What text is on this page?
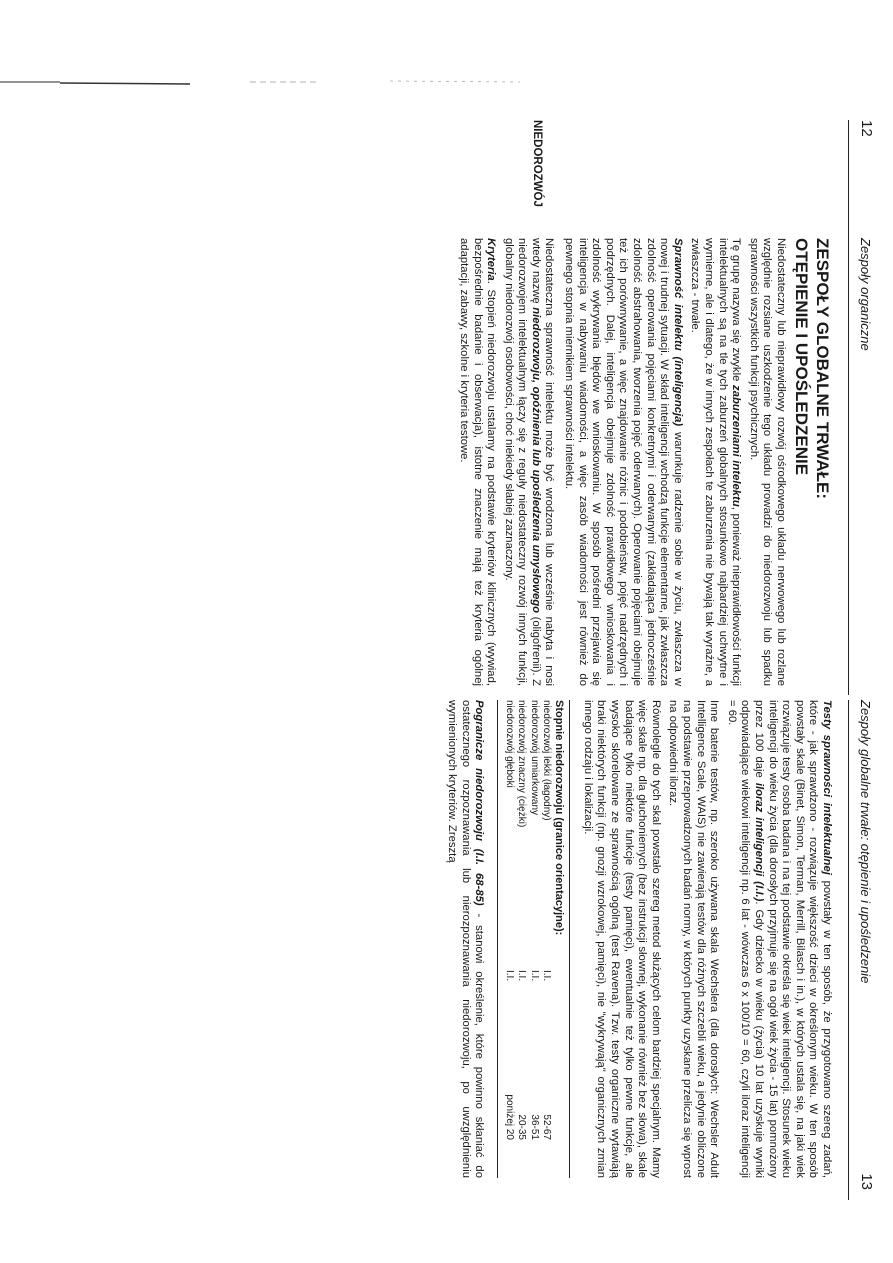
12
Zespoły organiczne
NIEDOROZWÓJ
ZESPOŁY GLOBALNE TRWAŁE:
OTĘPIENIE I UPOŚLEDZENIE

Niedostateczny lub nieprawidłowy rozwój ośrodkowego układu nerwowego lub rozlane względnie rozsiane uszkodzenie tego układu prowadzi do niedorozwoju lub spadku sprawności wszystkich funkcji psychicznych.

Tę grupę nazywa się zwykle zaburzeniami intelektu, ponieważ nieprawidłowości funkcji intelektualnych są na tle tych zaburzeń globalnych stosunkowo najbardziej uchwytne i wymierne, ale i dlatego, że w innych zespołach te zaburzenia nie bywają tak wyraźne, a zwłaszcza - trwałe.

Sprawność intelektu (inteligencja) warunkuje radzenie sobie w życiu, zwłaszcza w nowej i trudnej sytuacji. W skład inteligencji wchodzą funkcje elementarne, jak zwłaszcza zdolność operowania pojęciami konkretnymi i oderwanymi (zakładająca jednocześnie zdolność abstrahowania, tworzenia pojęć oderwanych). Operowanie pojęciami obejmuje też ich porównywanie, a więc znajdowanie różnic i podobieństw, pojęć nadrzędnych i podrzędnych. Dalej, inteligencja obejmuje zdolność prawidłowego wnioskowania i zdolność wykrywania błędów we wnioskowaniu. W sposób pośredni przejawia się inteligencja w nabywaniu wiadomości, a więc zasób wiadomości jest również do pewnego stopnia miernikiem sprawności intelektu.

Niedostateczna sprawność intelektu może być wrodzona lub wcześnie nabyta i nosi wtedy nazwę niedorozwoju, opóźnienia lub upośledzenia umysłowego (oligofrenii). Z niedorozwojem intelektualnym łączy się z reguły niedostateczny rozwój innych funkcji, globalny niedorozwój osobowości, choć niekiedy słabiej zaznaczony.

Kryteria. Stopień niedorozwoju ustalamy na podstawie kryteriów klinicznych (wywiad, bezpośrednie badanie i obserwacja), istotne znaczenie mają też kryteria ogólnej adaptacji, zabawy, szkolne i kryteria testowe.

Zespoły globalne trwałe: otępienie i upośledzenie
13

Testy sprawności intelektualnej powstały w ten sposób, że przygotowano szereg zadań, które - jak sprawdzono - rozwiązuje większość dzieci w określonym wieku. W ten sposób powstały skale (Binet, Simon, Terman, Merrill, Bilasch i in.), w których ustala się, na jaki wiek rozwiązuje testy osoba badana i na tej podstawie określa się wiek inteligencji. Stosunek wieku inteligencji do wieku życia (dla dorosłych przyjmuje się na ogół wiek życia - 15 lat) pomnożony przez 100 daje iloraz inteligencji (I.I.). Gdy dziecko w wieku (życia) 10 lat uzyskuje wyniki odpowiadające wiekowi inteligencji np. 6 lat - wówczas 6 x 100/10 = 60, czyli iloraz inteligencji = 60.

Inne baterie testów, np. szeroko używana skala Wechslera (dla dorosłych: Wechsler Adult Intelligence Scale, WAIS) nie zawierają testów dla różnych szczebli wieku, a jedynie obliczone na podstawie przeprowadzonych badań normy, w których punkty uzyskane przelicza się wprost na odpowiedni iloraz.

Równolegle do tych skal powstało szereg metod służących celom bardziej specjalnym. Mamy więc skale np. dla głuchoniemych (bez instrukcji słownej, wykonanie również bez słowa), skale badające tylko niektóre funkcje (testy pamięci), ewentualnie też tylko pewne funkcje, ale wysoko skorelowane ze sprawnością ogólną (test Ravena). Tzw. testy organiczne wytawiają braki niektórych funkcji (np. gnozji wzrokowej, pamięci), nie "wykrywają" organicznych zmian innego rodzaju i lokalizacji.

Stopnie niedorozwoju (granice orientacyjne):
niedorozwój lekki (łagodny)
I.I.
52-67
niedorozwój umiarkowany
I.I.
36-51
niedorozwój znaczny (ciężki)
I.I.
20-35
niedorozwój głęboki
I.I.
poniżej 20

Pogranicze niedorozwoju (I.I. 68-85) - stanowi określenie, które powinno skłaniać do ostatecznego rozpoznawania lub nierozpoznawania niedorozwoju, po uwzględnieniu wymienionych kryteriów. Zresztą
